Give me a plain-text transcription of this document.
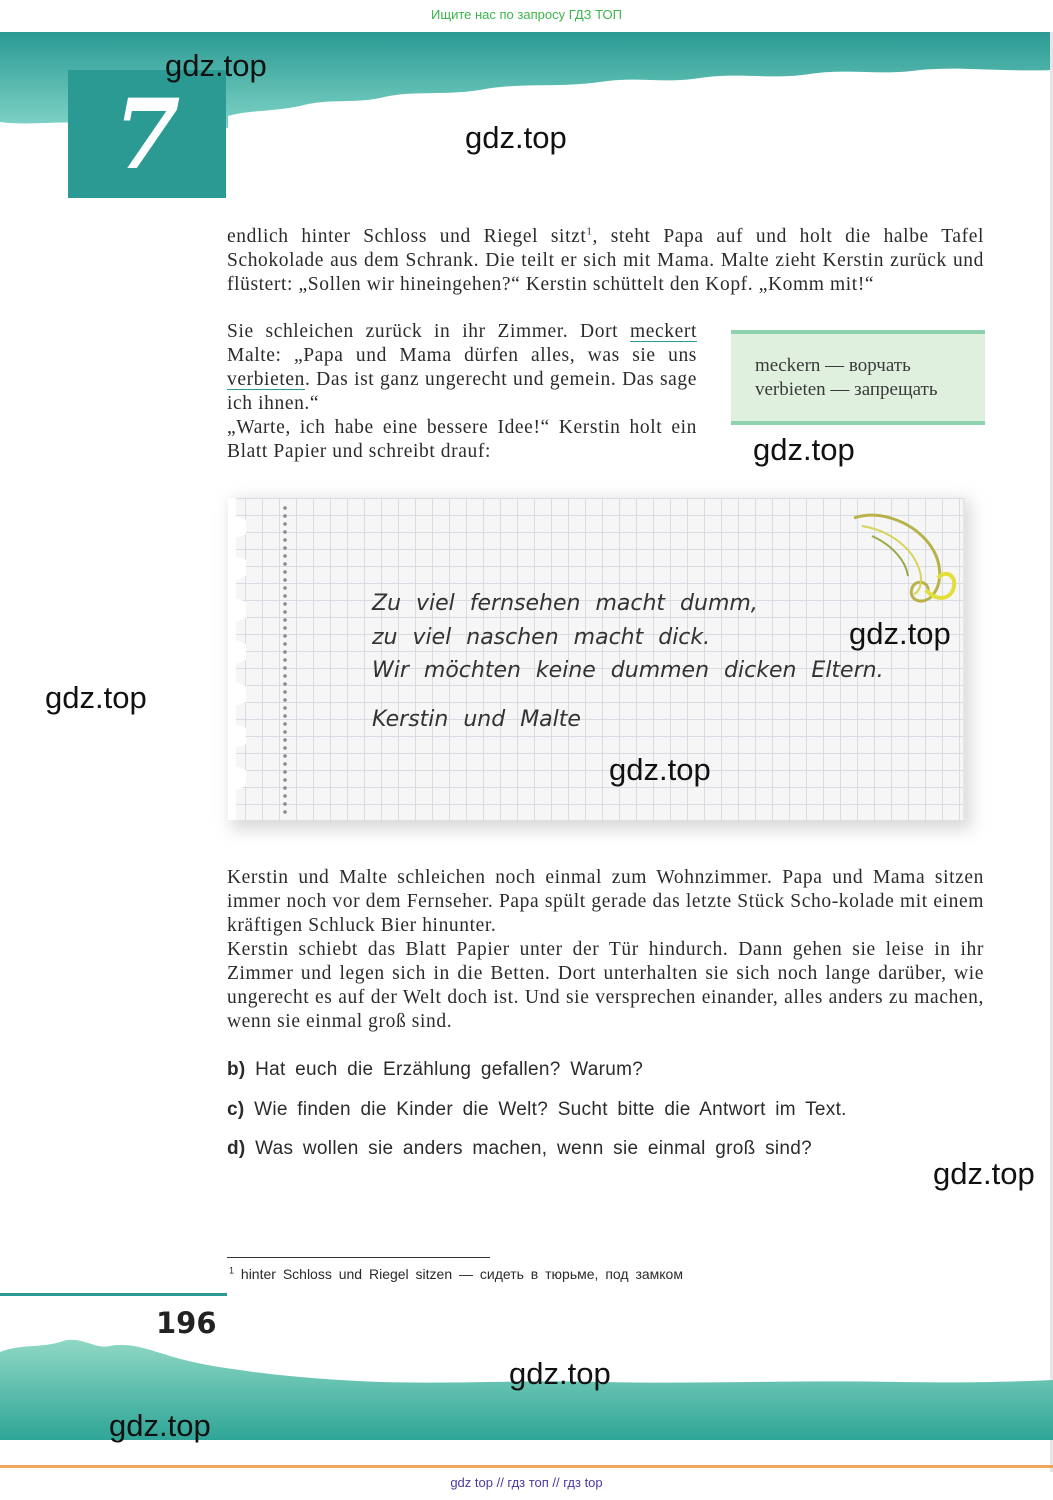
Ищите нас по запросу ГДЗ ТОП
7
gdz.top
gdz.top
gdz.top
gdz.top

endlich hinter Schloss und Riegel sitzt$^1$, steht Papa auf und holt die halbe Tafel Schokolade aus dem Schrank. Die teilt er sich mit Mama. Malte zieht Kerstin zurück und flüstert: „Sollen wir hineingehen?“ Kerstin schüttelt den Kopf. „Komm mit!“

Sie schleichen zurück in ihr Zimmer. Dort meckert Malte: „Papa und Mama dürfen alles, was sie uns verbieten. Das ist ganz ungerecht und gemein. Das sage ich ihnen.“

„Warte, ich habe eine bessere Idee!“ Kerstin holt ein Blatt Papier und schreibt drauf:

meckern — ворчать
verbieten — запрещать
Zu viel fernsehen macht dumm,
zu viel naschen macht dick.
Wir möchten keine dummen dicken Eltern.
Kerstin und Malte
gdz.top
gdz.top

Kerstin und Malte schleichen noch einmal zum Wohnzimmer. Papa und Mama sitzen immer noch vor dem Fernseher. Papa spült gerade das letzte Stück Scho-kolade mit einem kräftigen Schluck Bier hinunter.

Kerstin schiebt das Blatt Papier unter der Tür hindurch. Dann gehen sie leise in ihr Zimmer und legen sich in die Betten. Dort unterhalten sie sich noch lange darüber, wie ungerecht es auf der Welt doch ist. Und sie versprechen einander, alles anders zu machen, wenn sie einmal groß sind.

b) Hat euch die Erzählung gefallen? Warum?
c) Wie finden die Kinder die Welt? Sucht bitte die Antwort im Text.
d) Was wollen sie anders machen, wenn sie einmal groß sind?
gdz.top
$^1$ hinter Schloss und Riegel sitzen — сидеть в тюрьме, под замком
196
gdz.top
gdz.top
gdz top // гдз топ // гдз top
